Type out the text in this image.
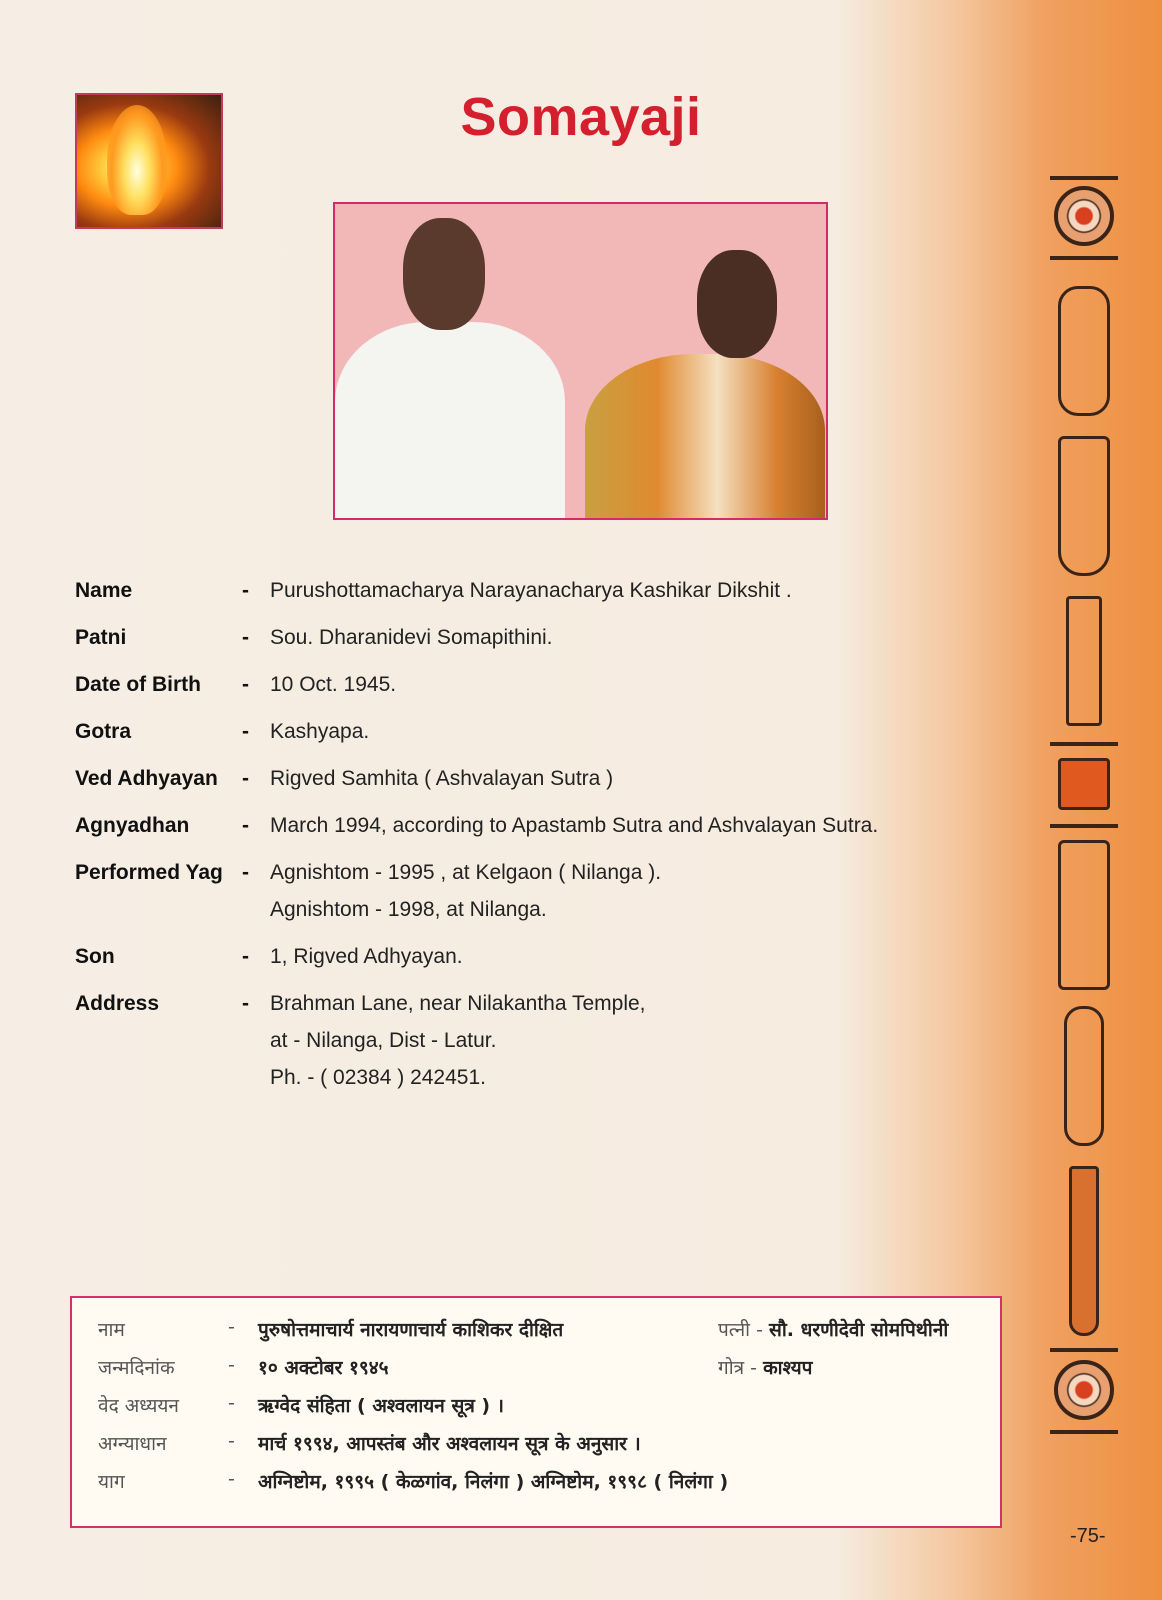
Somayaji
Name	-	Purushottamacharya Narayanacharya Kashikar Dikshit .
Patni	-	Sou. Dharanidevi Somapithini.
Date of Birth	-	10 Oct. 1945.
Gotra	-	Kashyapa.
Ved Adhyayan	-	Rigved Samhita ( Ashvalayan Sutra )
Agnyadhan	-	March 1994, according to Apastamb Sutra and Ashvalayan Sutra.
Performed Yag -	Agnishtom - 1995 , at Kelgaon ( Nilanga ).
Agnishtom - 1998, at Nilanga.
Son	-	1, Rigved Adhyayan.
Address	-	Brahman Lane, near Nilakantha Temple,
at - Nilanga, Dist - Latur.
Ph. - ( 02384 ) 242451.
नाम	- पुरुषोत्तमाचार्य नारायणाचार्य काशिकर दीक्षित	पत्नी - सौ. धरणीदेवी सोमपिथीनी
जन्मदिनांक	- १० अक्टोबर १९४५	गोत्र - काश्यप
वेद अध्ययन	- ऋग्वेद संहिता ( अश्वलायन सूत्र ) ।
अग्न्याधान	- मार्च १९९४, आपस्तंब और अश्वलायन सूत्र के अनुसार ।
याग	- अग्निष्टोम, १९९५ ( केळगांव, निलंगा ) अग्निष्टोम, १९९८ ( निलंगा )
-75-
